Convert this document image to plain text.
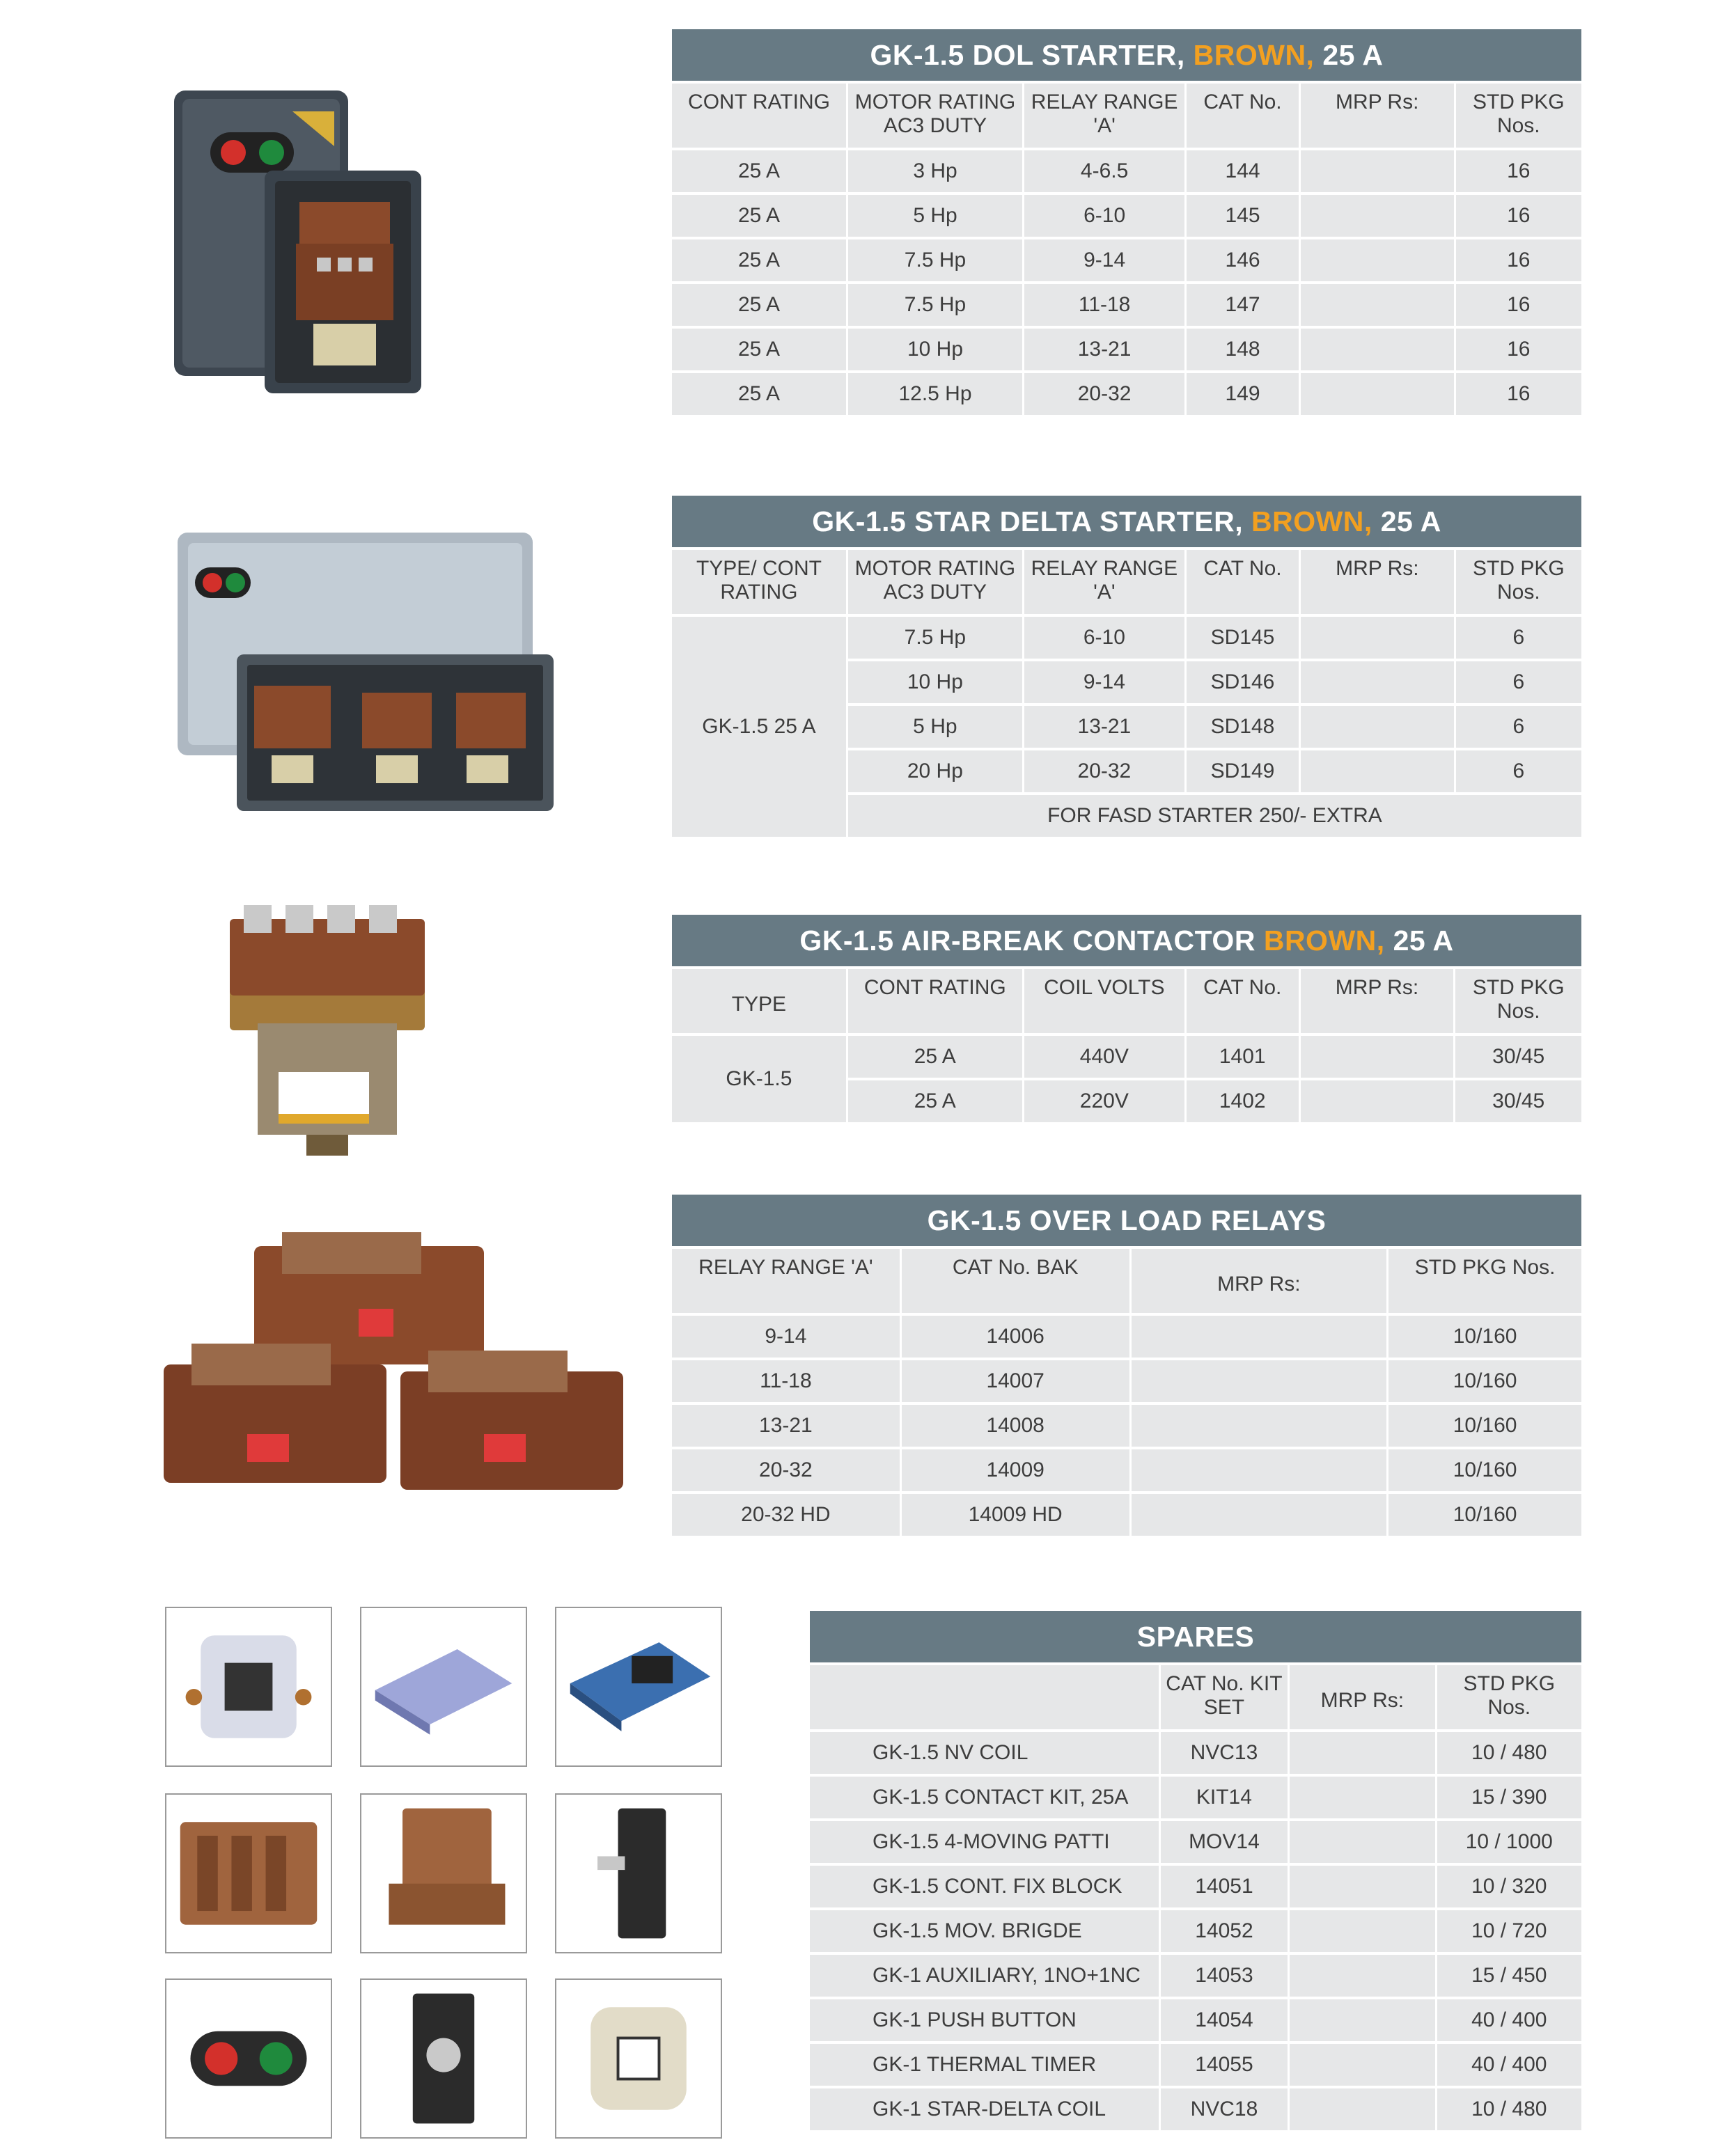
GK-1.5 DOL STARTER, BROWN, 25 A					
CONT RATING	MOTOR RATING AC3 DUTY	RELAY RANGE 'A'	CAT No.	MRP Rs:	STD PKG Nos.
25 A	3 Hp	4-6.5	144		16
25 A	5 Hp	6-10	145		16
25 A	7.5 Hp	9-14	146		16
25 A	7.5 Hp	11-18	147		16
25 A	10 Hp	13-21	148		16
25 A	12.5 Hp	20-32	149		16
GK-1.5 STAR DELTA STARTER, BROWN, 25 A					
TYPE/ CONT RATING	MOTOR RATING AC3 DUTY	RELAY RANGE 'A'	CAT No.	MRP Rs:	STD PKG Nos.
GK-1.5 25 A	7.5 Hp	6-10	SD145		6
	10 Hp	9-14	SD146		6
	5 Hp	13-21	SD148		6
	20 Hp	20-32	SD149		6
	FOR FASD STARTER 250/- EXTRA				
GK-1.5 AIR-BREAK CONTACTOR BROWN, 25 A					
TYPE	CONT RATING	COIL VOLTS	CAT No.	MRP Rs:	STD PKG Nos.
GK-1.5	25 A	440V	1401		30/45
	25 A	220V	1402		30/45
GK-1.5 OVER LOAD RELAYS			
RELAY RANGE 'A'	CAT No. BAK	MRP Rs:	STD PKG Nos.
9-14	14006		10/160
11-18	14007		10/160
13-21	14008		10/160
20-32	14009		10/160
20-32 HD	14009 HD		10/160
SPARES			
	CAT No. KIT SET	MRP Rs:	STD PKG Nos.
GK-1.5 NV COIL	NVC13		10 / 480
GK-1.5 CONTACT KIT, 25A	KIT14		15 / 390
GK-1.5 4-MOVING PATTI	MOV14		10 / 1000
GK-1.5 CONT. FIX BLOCK	14051		10 / 320
GK-1.5 MOV. BRIGDE	14052		10 / 720
GK-1 AUXILIARY, 1NO+1NC	14053		15 / 450
GK-1 PUSH BUTTON	14054		40 / 400
GK-1 THERMAL TIMER	14055		40 / 400
GK-1 STAR-DELTA COIL	NVC18		10 / 480
